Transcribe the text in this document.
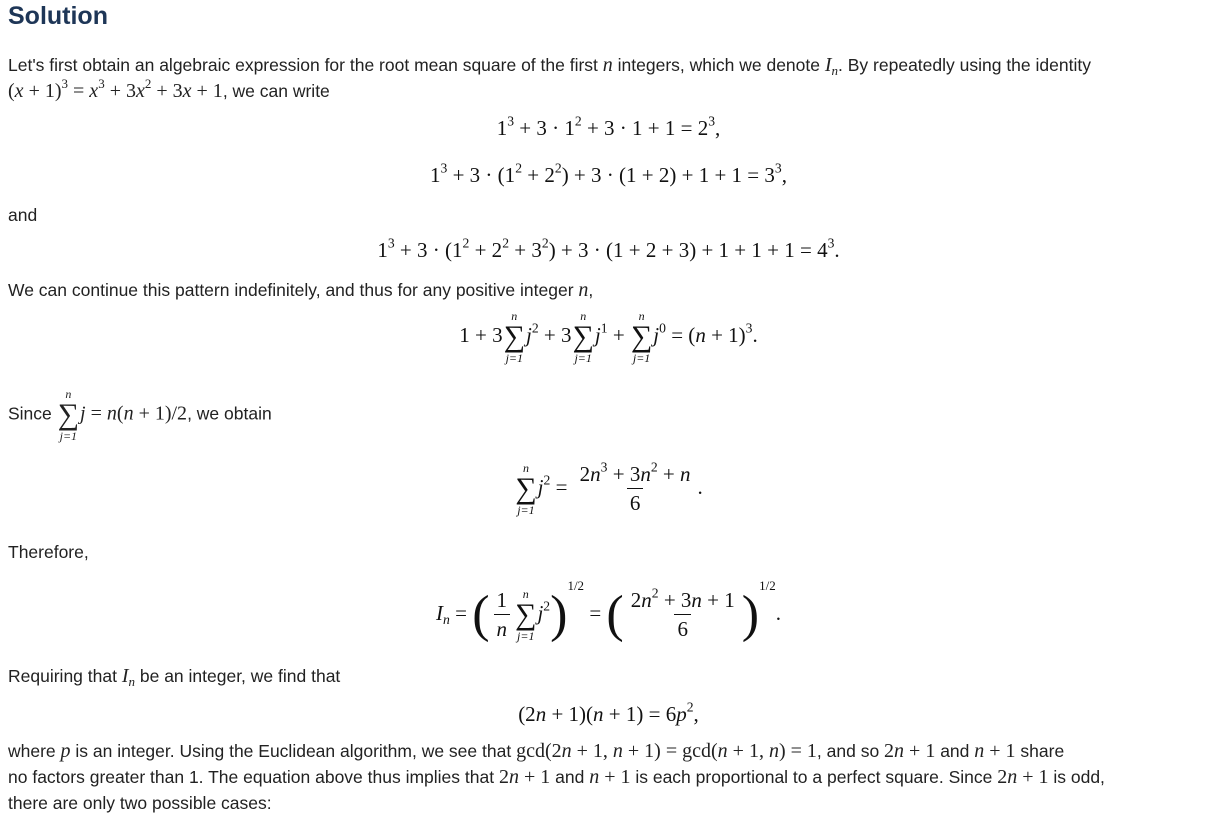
Solution
Let's first obtain an algebraic expression for the root mean square of the first n integers, which we denote $I_n$. By repeatedly using the identity
$(x + 1)^3 = x^3 + 3x^2 + 3x + 1$, we can write
$1^3 + 3 \cdot 1^2 + 3 \cdot 1 + 1 = 2^3$,
$1^3 + 3 \cdot (1^2 + 2^2) + 3 \cdot (1 + 2) + 1 + 1 = 3^3$,
and
$1^3 + 3 \cdot (1^2 + 2^2 + 3^2) + 3 \cdot (1 + 2 + 3) + 1 + 1 + 1 = 4^3$.
We can continue this pattern indefinitely, and thus for any positive integer n,
1 + 3
n
∑
j=1
$j^2 + 3$
n
∑
j=1
$j^1$ +
n
∑
j=1
$j^0 = (n + 1)^3$.
Since
n
∑
j=1
j = n(n + 1)/2, we obtain
n
∑
j=1
$j^2 = \frac{2n^3 + 3n^2 + n}{6}$ .
Therefore,
$I_n$ = ( $\frac{1}{n}$ n
∑
j=1
$j^2)^{1/2}$ = ( $\frac{2n^2 + 3n + 1}{6} )^{1/2}$.
Requiring that $I_n$ be an integer, we find that
$(2n + 1)(n + 1) = 6p^2$,
where p is an integer. Using the Euclidean algorithm, we see that gcd(2n + 1, n + 1) = gcd(n + 1, n) = 1, and so 2n + 1 and n + 1 share
no factors greater than 1. The equation above thus implies that 2n + 1 and n + 1 is each proportional to a perfect square. Since 2n + 1 is odd,
there are only two possible cases:
